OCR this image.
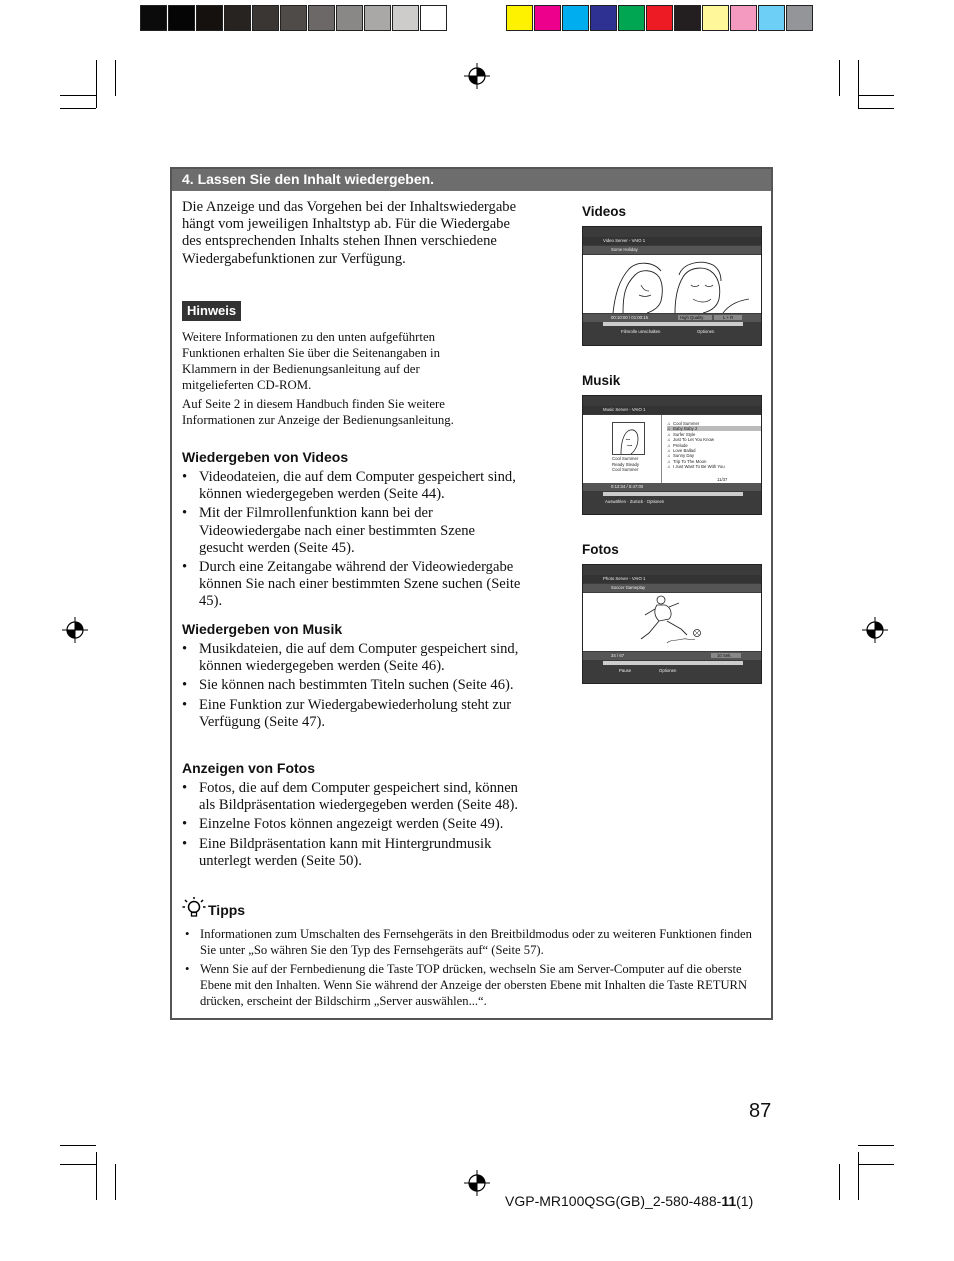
4. Lassen Sie den Inhalt wiedergeben.

Die Anzeige und das Vorgehen bei der Inhaltswiedergabe hängt vom jeweiligen Inhaltstyp ab. Für die Wiedergabe des entsprechenden Inhalts stehen Ihnen verschiedene Wiedergabefunktionen zur Verfügung.

Hinweis

Weitere Informationen zu den unten aufgeführten Funktionen erhalten Sie über die Seitenangaben in Klammern in der Bedienungsanleitung auf der mitgelieferten CD-ROM.

Auf Seite 2 in diesem Handbuch finden Sie weitere Informationen zur Anzeige der Bedienungsanleitung.

Wiedergeben von Videos
• Videodateien, die auf dem Computer gespeichert sind, können wiedergegeben werden (Seite 44).
• Mit der Filmrollenfunktion kann bei der Videowiedergabe nach einer bestimmten Szene gesucht werden (Seite 45).
• Durch eine Zeitangabe während der Videowiedergabe können Sie nach einer bestimmten Szene suchen (Seite 45).
Wiedergeben von Musik
• Musikdateien, die auf dem Computer gespeichert sind, können wiedergegeben werden (Seite 46).
• Sie können nach bestimmten Titeln suchen (Seite 46).
• Eine Funktion zur Wiedergabewiederholung steht zur Verfügung (Seite 47).
Anzeigen von Fotos
• Fotos, die auf dem Computer gespeichert sind, können als Bildpräsentation wiedergegeben werden (Seite 48).
• Einzelne Fotos können angezeigt werden (Seite 49).
• Eine Bildpräsentation kann mit Hintergrundmusik unterlegt werden (Seite 50).
Tipps
• Informationen zum Umschalten des Fernsehgeräts in den Breitbildmodus oder zu weiteren Funktionen finden Sie unter „So währen Sie den Typ des Fernsehgeräts auf“ (Seite 57).
• Wenn Sie auf der Fernbedienung die Taste TOP drücken, wechseln Sie am Server-Computer auf die oberste Ebene mit den Inhalten. Wenn Sie während der Anzeige der obersten Ebene mit Inhalten die Taste RETURN drücken, erscheint der Bildschirm „Server auswählen...“.
Videos
Video Server - VAIO 1
Some Holiday
00:10:00 / 01:00:15	High Quality	L + R
Filmrolle umschalten	Optionen
Musik
Music Server - VAIO 1
Cool Summer
Ready Steady
Cool Summer
♫ Cool Summer
♫ Baby Baby 2
♫ Surfer Style
♫ Just To Let You Know
♫ Prelude
♫ Love Ballad
♫ Sunny Day
♫ Trip To The Moon
♫ I Just Want To Be With You
11/37
0:12:34 / 5:47:00
Auswählen · Zurück · Optionen
Fotos
Photo Server - VAIO 1
Soccer Gameplay
34 / 67	10 Sek.
Pause	Optionen
87
VGP-MR100QSG(GB)_2-580-488-11(1)
